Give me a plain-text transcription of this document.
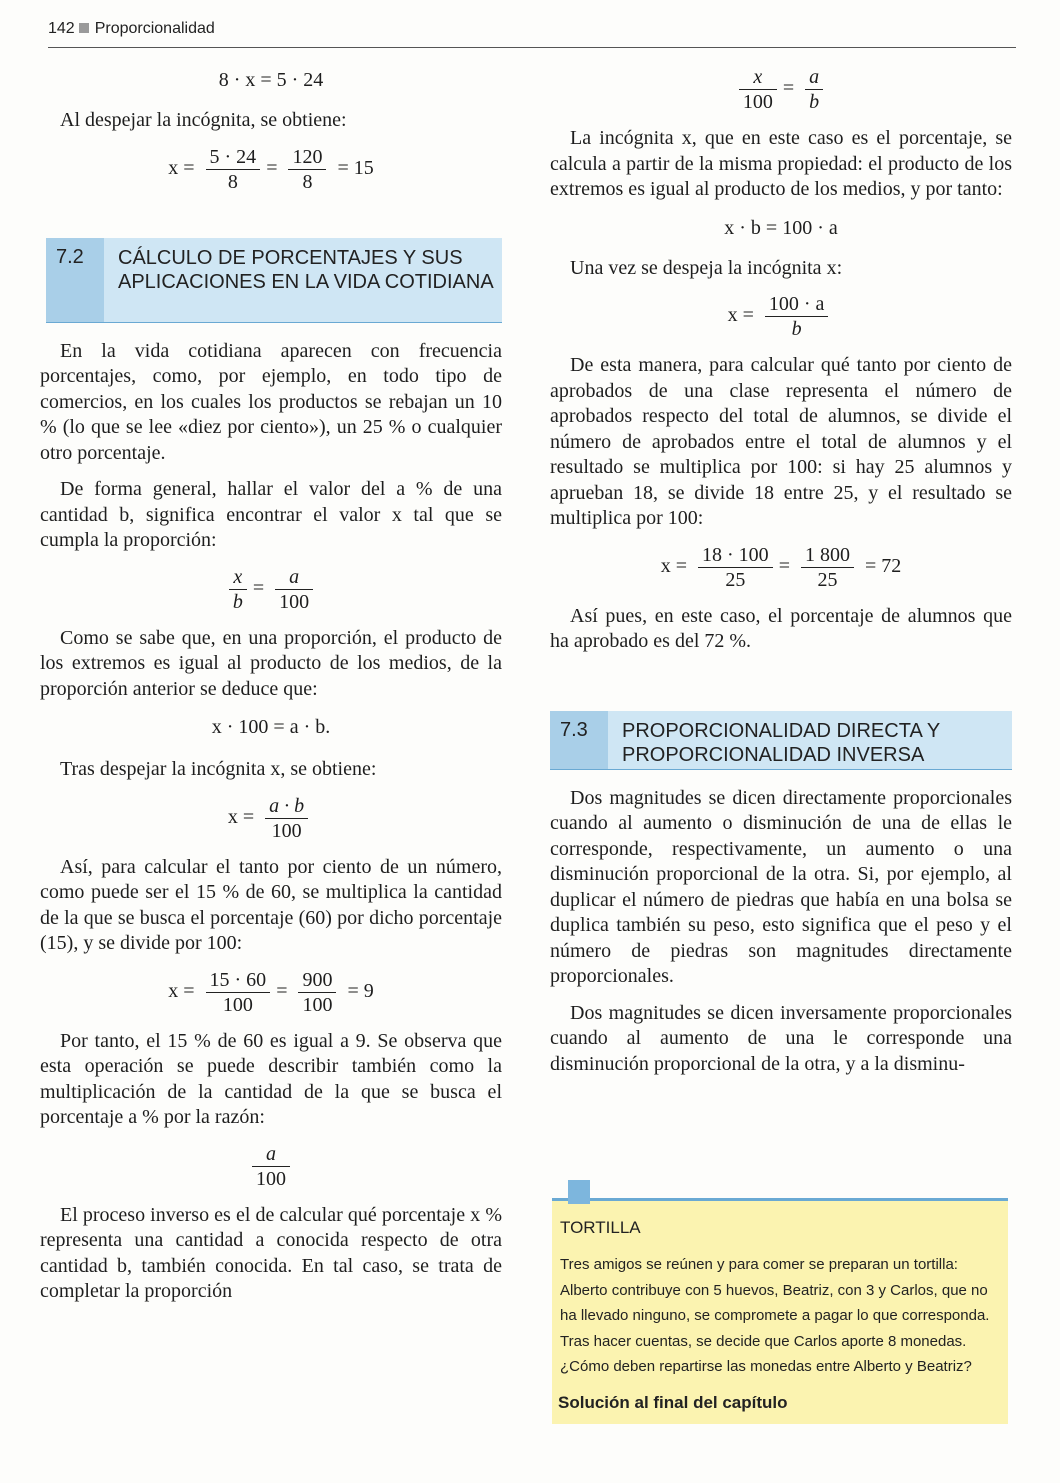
142 Proporcionalidad
8 · x = 5 · 24

Al despejar la incógnita, se obtiene:

$x = \frac{5 \cdot 24}{8} = \frac{120}{8} = 15$
7.2	CÁLCULO DE PORCENTAJES Y SUS APLICACIONES EN LA VIDA COTIDIANA

En la vida cotidiana aparecen con frecuencia porcentajes, como, por ejemplo, en todo tipo de comercios, en los cuales los productos se rebajan un 10 % (lo que se lee «diez por ciento»), un 25 % o cualquier otro porcentaje.

De forma general, hallar el valor del a % de una cantidad b, significa encontrar el valor x tal que se cumpla la proporción:

$\frac{x}{b} = \frac{a}{100}$

Como se sabe que, en una proporción, el producto de los extremos es igual al producto de los medios, de la proporción anterior se deduce que:

x · 100 = a · b.

Tras despejar la incógnita x, se obtiene:

$x = \frac{a \cdot b}{100}$

Así, para calcular el tanto por ciento de un número, como puede ser el 15 % de 60, se multiplica la cantidad de la que se busca el porcentaje (60) por dicho porcentaje (15), y se divide por 100:

$x = \frac{15 \cdot 60}{100} = \frac{900}{100} = 9$

Por tanto, el 15 % de 60 es igual a 9. Se observa que esta operación se puede describir también como la multiplicación de la cantidad de la que se busca el porcentaje a % por la razón:

$\frac{a}{100}$

El proceso inverso es el de calcular qué porcentaje x % representa una cantidad a conocida respecto de otra cantidad b, también conocida. En tal caso, se trata de completar la proporción

$\frac{x}{100} = \frac{a}{b}$

La incógnita x, que en este caso es el porcentaje, se calcula a partir de la misma propiedad: el producto de los extremos es igual al producto de los medios, y por tanto:

x · b = 100 · a

Una vez se despeja la incógnita x:

$x = \frac{100 \cdot a}{b}$

De esta manera, para calcular qué tanto por ciento de aprobados de una clase representa el número de aprobados respecto del total de alumnos, se divide el número de aprobados entre el total de alumnos y el resultado se multiplica por 100: si hay 25 alumnos y aprueban 18, se divide 18 entre 25, y el resultado se multiplica por 100:

$x = \frac{18 \cdot 100}{25} = \frac{1 800}{25} = 72$

Así pues, en este caso, el porcentaje de alumnos que ha aprobado es del 72 %.

7.3	PROPORCIONALIDAD DIRECTA Y PROPORCIONALIDAD INVERSA

Dos magnitudes se dicen directamente proporcionales cuando al aumento o disminución de una de ellas le corresponde, respectivamente, un aumento o una disminución proporcional de la otra. Si, por ejemplo, al duplicar el número de piedras que había en una bolsa se duplica también su peso, esto significa que el peso y el número de piedras son magnitudes directamente proporcionales.

Dos magnitudes se dicen inversamente proporcionales cuando al aumento de una le corresponde una disminución proporcional de la otra, y a la disminu-

TORTILLA
Tres amigos se reúnen y para comer se preparan un tortilla: Alberto contribuye con 5 huevos, Beatriz, con 3 y Carlos, que no ha llevado ninguno, se compromete a pagar lo que corresponda. Tras hacer cuentas, se decide que Carlos aporte 8 monedas. ¿Cómo deben repartirse las monedas entre Alberto y Beatriz?
Solución al final del capítulo
